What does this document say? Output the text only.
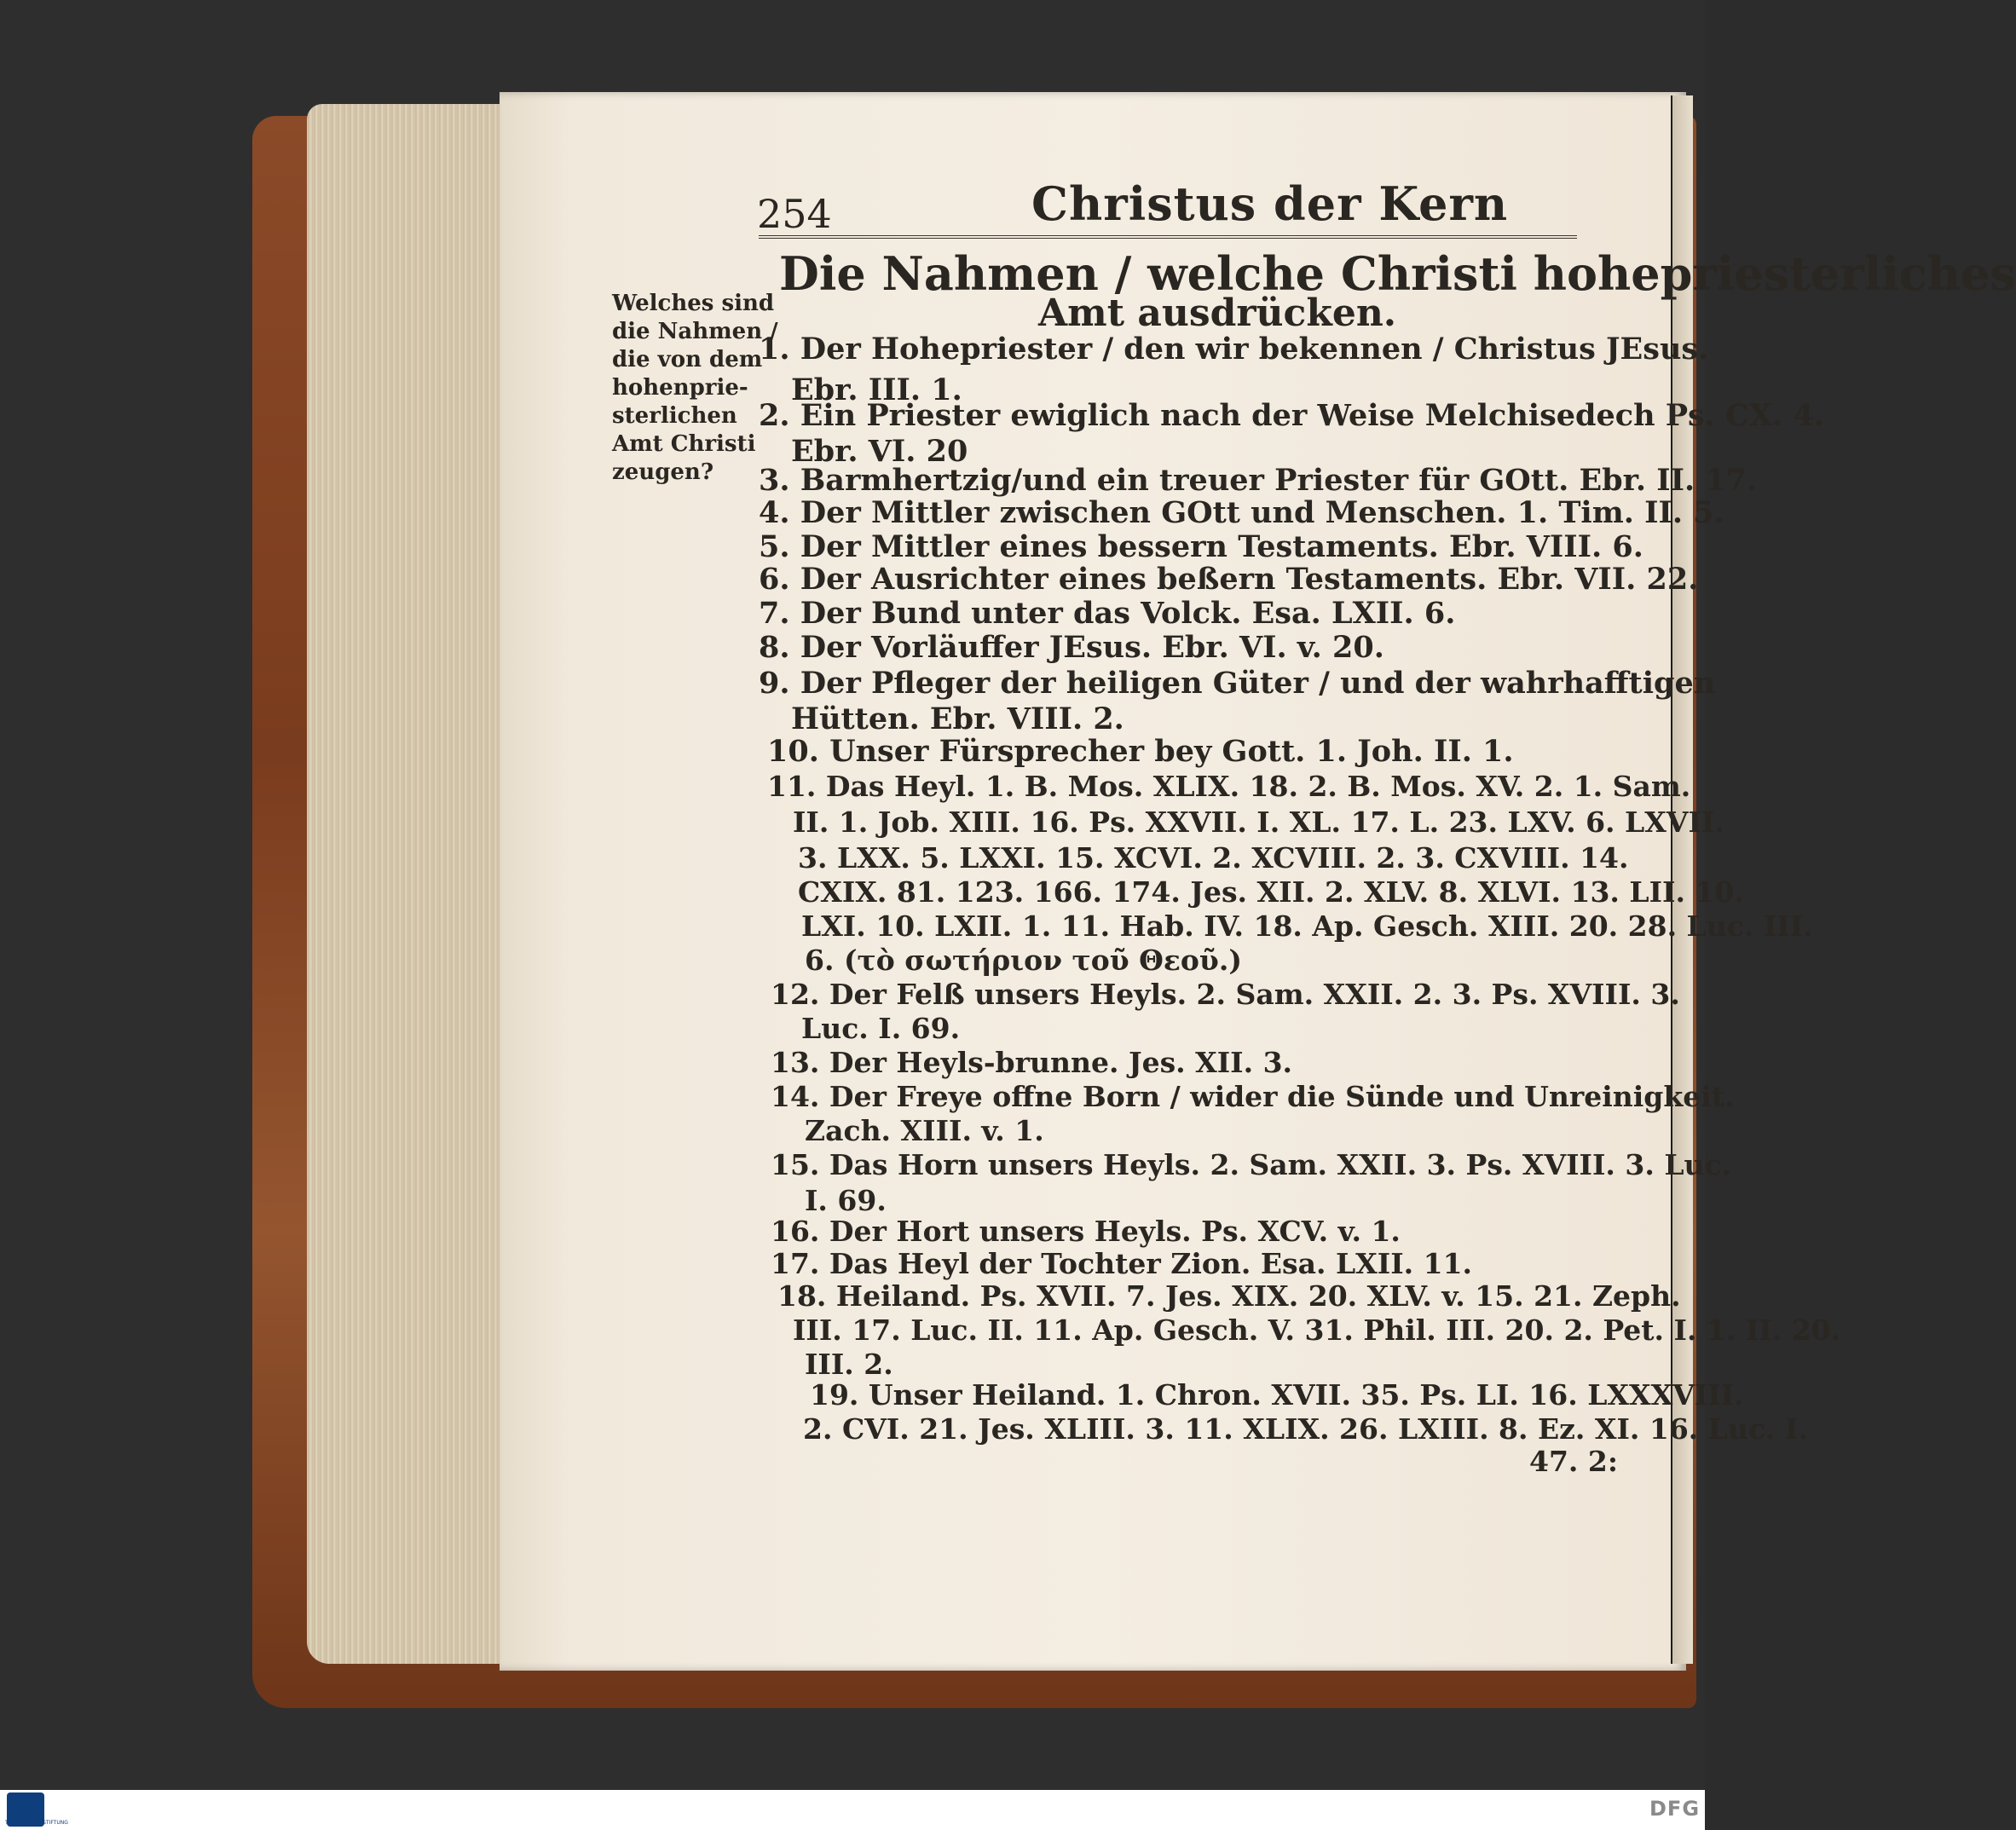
254	Christus der Kern

Die Nahmen / welche Christi hohepriesterliches

Amt ausdrücken.

Welches sind
die Nahmen /
die von dem
hohenprie-
sterlichen
Amt Christi
zeugen?

1. Der Hohepriester / den wir bekennen / Christus JEsus.

Ebr. III. 1.

2. Ein Priester ewiglich nach der Weise Melchisedech Ps. CX. 4.

Ebr. VI. 20

3. Barmhertzig/und ein treuer Priester für GOtt. Ebr. II. 17.

4. Der Mittler zwischen GOtt und Menschen. 1. Tim. II. 5.

5. Der Mittler eines bessern Testaments. Ebr. VIII. 6.

6. Der Ausrichter eines beßern Testaments. Ebr. VII. 22.

7. Der Bund unter das Volck. Esa. LXII. 6.

8. Der Vorläuffer JEsus. Ebr. VI. v. 20.

9. Der Pfleger der heiligen Güter / und der wahrhafftigen

Hütten. Ebr. VIII. 2.

10. Unser Fürsprecher bey Gott. 1. Joh. II. 1.

11. Das Heyl. 1. B. Mos. XLIX. 18. 2. B. Mos. XV. 2. 1. Sam.

II. 1. Job. XIII. 16. Ps. XXVII. I. XL. 17. L. 23. LXV. 6. LXVII.

3. LXX. 5. LXXI. 15. XCVI. 2. XCVIII. 2. 3. CXVIII. 14.

CXIX. 81. 123. 166. 174. Jes. XII. 2. XLV. 8. XLVI. 13. LII. 10.

LXI. 10. LXII. 1. 11. Hab. IV. 18. Ap. Gesch. XIII. 20. 28. Luc. III.

6. (τὸ σωτήριον τοῦ Θεοῦ.)

12. Der Felß unsers Heyls. 2. Sam. XXII. 2. 3. Ps. XVIII. 3.

Luc. I. 69.

13. Der Heyls-brunne. Jes. XII. 3.

14. Der Freye offne Born / wider die Sünde und Unreinigkeit.

Zach. XIII. v. 1.

15. Das Horn unsers Heyls. 2. Sam. XXII. 3. Ps. XVIII. 3. Luc.

I. 69.

16. Der Hort unsers Heyls. Ps. XCV. v. 1.

17. Das Heyl der Tochter Zion. Esa. LXII. 11.

18. Heiland. Ps. XVII. 7. Jes. XIX. 20. XLV. v. 15. 21. Zeph.

III. 17. Luc. II. 11. Ap. Gesch. V. 31. Phil. III. 20. 2. Pet. I. 1. II. 20.

III. 2.

19. Unser Heiland. 1. Chron. XVII. 35. Ps. LI. 16. LXXXVIII.

2. CVI. 21. Jes. XLIII. 3. 11. XLIX. 26. LXIII. 8. Ez. XI. 16. Luc. I.

47. 2:

TRANSKRIBUS STIFTUNG
DFG
